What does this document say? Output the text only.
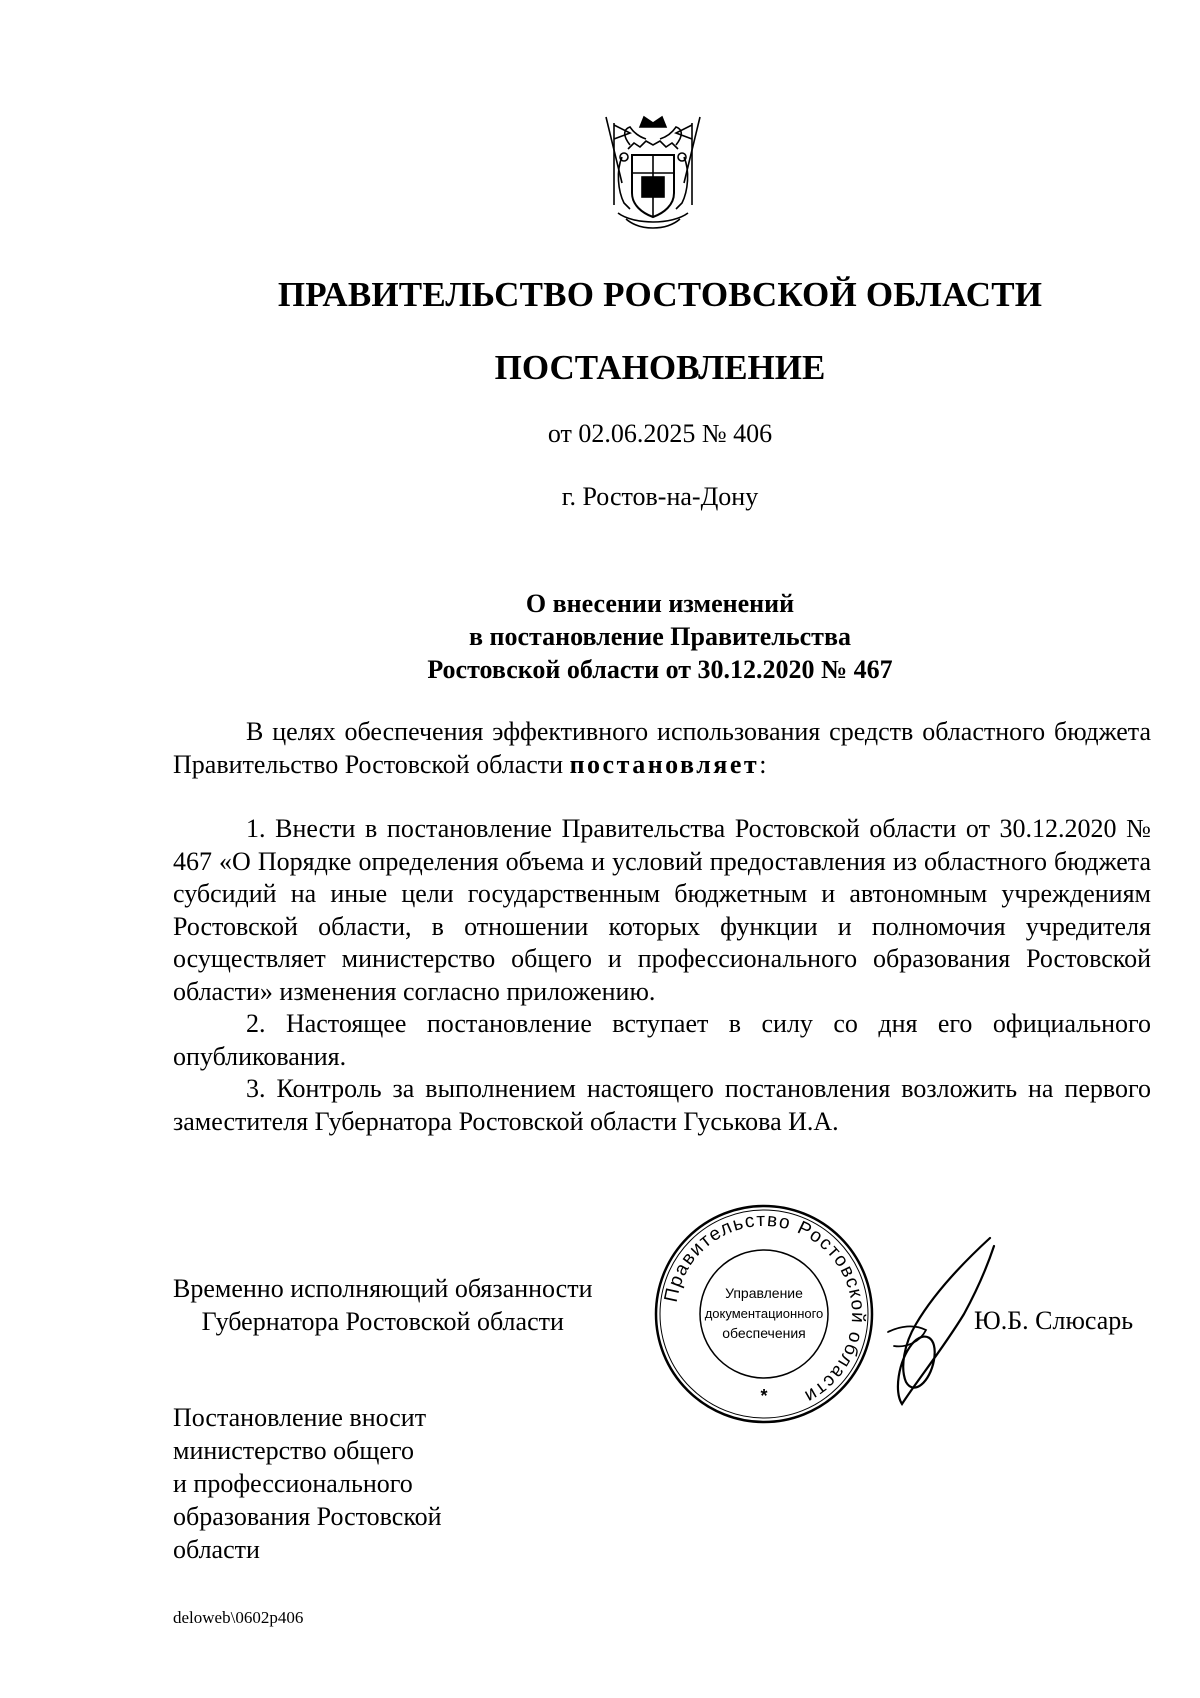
ПРАВИТЕЛЬСТВО РОСТОВСКОЙ ОБЛАСТИ
ПОСТАНОВЛЕНИЕ
от 02.06.2025 № 406
г. Ростов-на-Дону
О внесении изменений
в постановление Правительства
Ростовской области от 30.12.2020 № 467

В целях обеспечения эффективного использования средств областного бюджета Правительство Ростовской области постановляет:

1. Внести в постановление Правительства Ростовской области от 30.12.2020 № 467 «О Порядке определения объема и условий предоставления из областного бюджета субсидий на иные цели государственным бюджетным и автономным учреждениям Ростовской области, в отношении которых функции и полномочия учредителя осуществляет министерство общего и профессионального образования Ростовской области» изменения согласно приложению.

2. Настоящее постановление вступает в силу со дня его официального опубликования.

3. Контроль за выполнением настоящего постановления возложить на первого заместителя Губернатора Ростовской области Гуськова И.А.

Временно исполняющий обязанности
Губернатора Ростовской области
Правительство Ростовской области
Управление
документационного
обеспечения
*
Ю.Б. Слюсарь
Постановление вносит
министерство общего
и профессионального
образования Ростовской
области
deloweb\0602p406
